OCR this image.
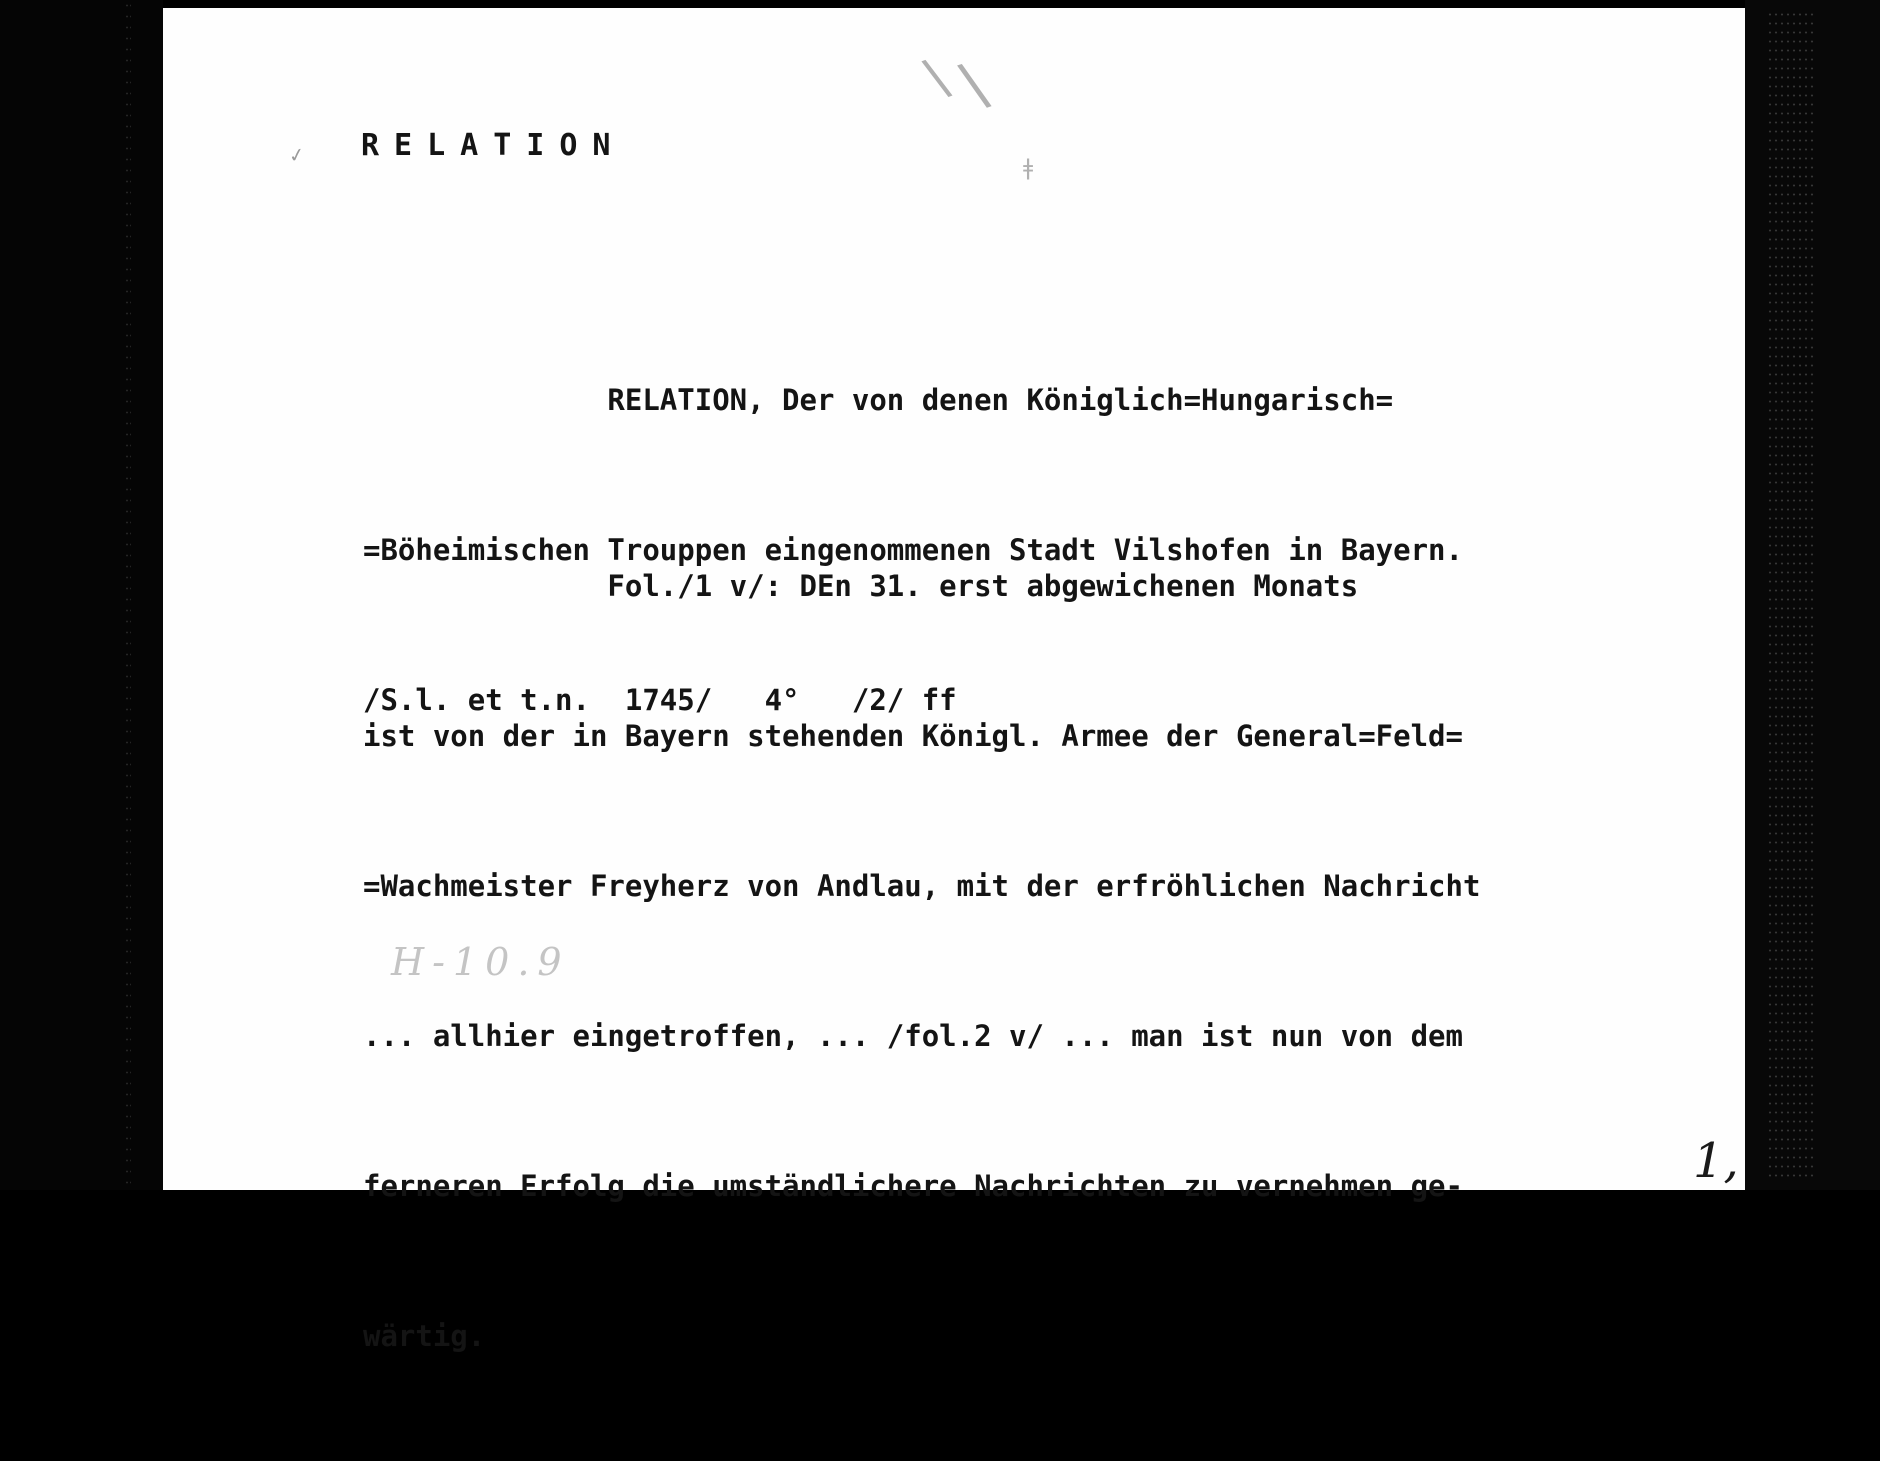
✓ RELATION
\
\
ǂ

RELATION, Der von denen Königlich=Hungarisch=

=Böheimischen Trouppen eingenommenen Stadt Vilshofen in Bayern.

/S.l. et t.n.  1745/   4°   /2/ ff

Fol./1 v/: DEn 31. erst abgewichenen Monats

ist von der in Bayern stehenden Königl. Armee der General=Feld=

=Wachmeister Freyherz von Andlau, mit der erfröhlichen Nachricht

... allhier eingetroffen, ... /fol.2 v/ ... man ist nun von dem

ferneren Erfolg die umständlichere Nachrichten zu vernehmen ge-

wärtig.

H-10.9
1,
